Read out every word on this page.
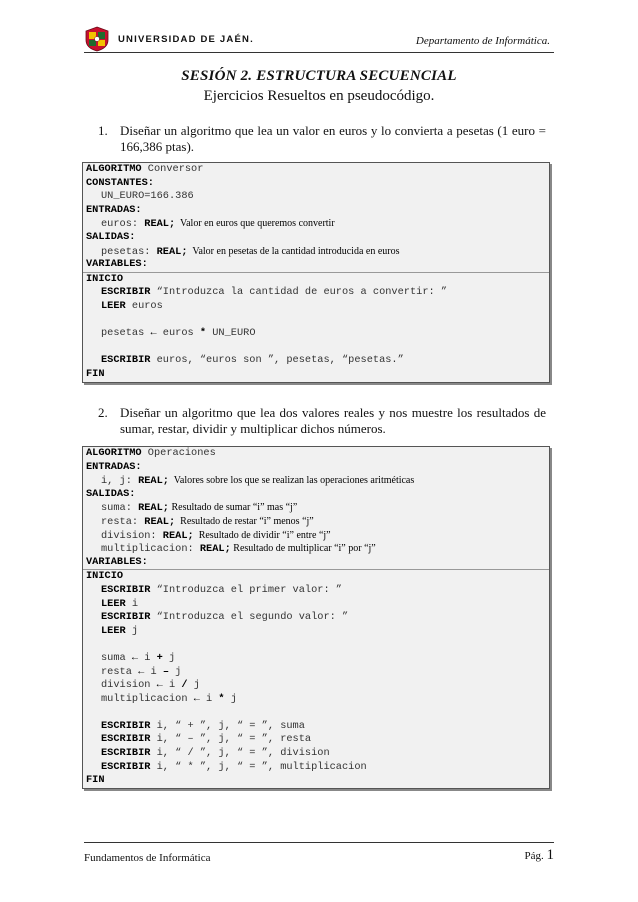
UNIVERSIDAD DE JAÉN.	Departamento de Informática.
SESIÓN 2. ESTRUCTURA SECUENCIAL
Ejercicios Resueltos en pseudocódigo.
1. Diseñar un algoritmo que lea un valor en euros y lo convierta a pesetas (1 euro = 166,386 ptas).
ALGORITMO Conversor
CONSTANTES:
UN_EURO=166.386
ENTRADAS:
euros: REAL;  Valor en euros que queremos convertir
SALIDAS:
pesetas: REAL;  Valor en pesetas de la cantidad introducida en euros
VARIABLES:
INICIO
ESCRIBIR “Introduzca la cantidad de euros a convertir: ”
LEER euros
pesetas ← euros * UN_EURO
ESCRIBIR euros, “euros son ”, pesetas, “pesetas.”
FIN
2. Diseñar un algoritmo que lea dos valores reales y nos muestre los resultados de sumar, restar, dividir y multiplicar dichos números.
ALGORITMO Operaciones
ENTRADAS:
i, j: REAL;  Valores sobre los que se realizan las operaciones aritméticas
SALIDAS:
suma: REAL; Resultado de sumar “i” mas “j”
resta: REAL;  Resultado de restar “i” menos “j”
division: REAL;  Resultado de dividir “i” entre “j”
multiplicacion: REAL; Resultado de multiplicar “i” por “j”
VARIABLES:
INICIO
ESCRIBIR “Introduzca el primer valor: ”
LEER i
ESCRIBIR “Introduzca el segundo valor: ”
LEER j
suma ← i + j
resta ← i – j
division ← i / j
multiplicacion ← i * j
ESCRIBIR i, “ + ”, j, “ = ”, suma
ESCRIBIR i, “ – ”, j, “ = ”, resta
ESCRIBIR i, “ / ”, j, “ = ”, division
ESCRIBIR i, “ * ”, j, “ = ”, multiplicacion
FIN
Fundamentos de Informática	Pág. 1
